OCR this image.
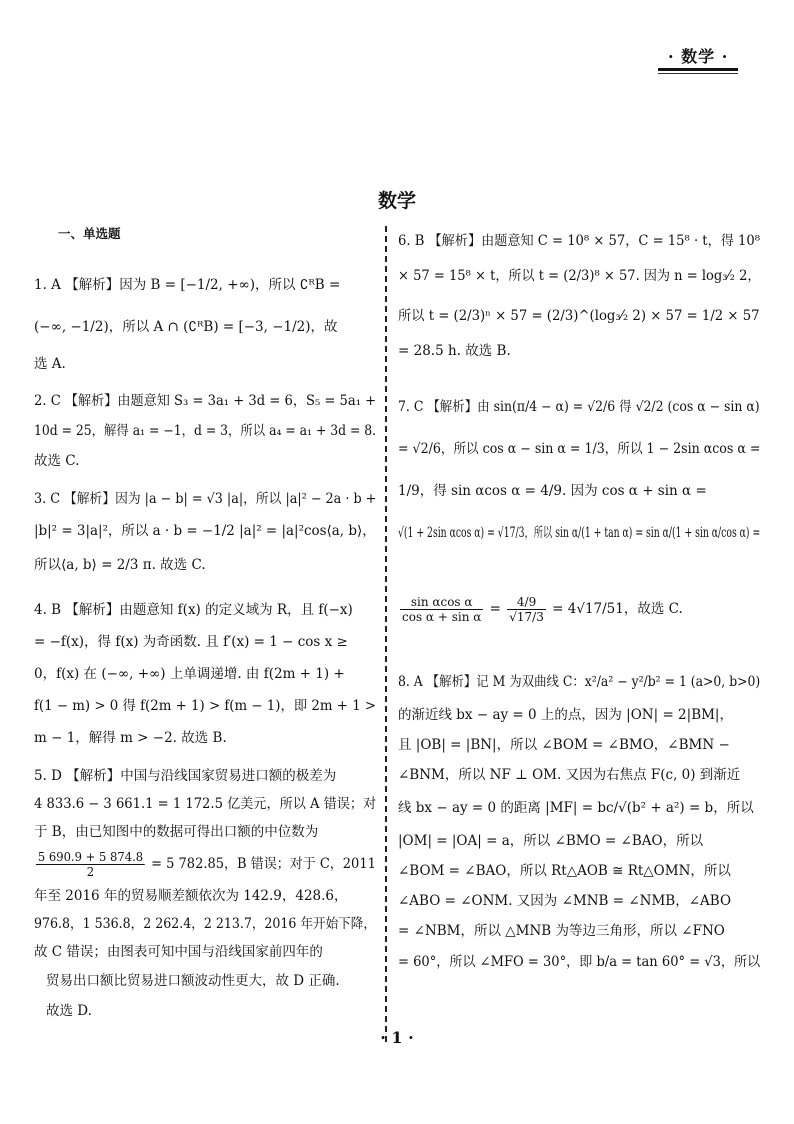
· 数学 ·
数学
一、单选题
1. A 【解析】因为 B = [−1/2, +∞)，所以 ∁ᴿB =
(−∞, −1/2)，所以 A ∩ (∁ᴿB) = [−3, −1/2)，故
选 A.
2. C 【解析】由题意知 S₃ = 3a₁ + 3d = 6，S₅ = 5a₁ +
10d = 25，解得 a₁ = −1，d = 3，所以 a₄ = a₁ + 3d = 8.
故选 C.
3. C 【解析】因为 |a − b| = √3 |a|，所以 |a|² − 2a · b +
|b|² = 3|a|²，所以 a · b = −1/2 |a|² = |a|²cos⟨a, b⟩，
所以⟨a, b⟩ = 2/3 π. 故选 C.
4. B 【解析】由题意知 f(x) 的定义域为 R，且 f(−x)
= −f(x)，得 f(x) 为奇函数. 且 f′(x) = 1 − cos x ≥
0，f(x) 在 (−∞, +∞) 上单调递增. 由 f(2m + 1) +
f(1 − m) > 0 得 f(2m + 1) > f(m − 1)，即 2m + 1 >
m − 1，解得 m > −2. 故选 B.
5. D 【解析】中国与沿线国家贸易进口额的极差为
4 833.6 − 3 661.1 = 1 172.5 亿美元，所以 A 错误；对
于 B，由已知图中的数据可得出口额的中位数为
$\frac{5 690.9 + 5 874.8}{2} = 5$ 782.85，B 错误；对于 C，2011
年至 2016 年的贸易顺差额依次为 142.9，428.6，
976.8，1 536.8，2 262.4，2 213.7，2016 年开始下降，
故 C 错误；由图表可知中国与沿线国家前四年的
贸易出口额比贸易进口额波动性更大，故 D 正确.
故选 D.
6. B 【解析】由题意知 C = 10⁸ × 57，C = 15⁸ · t，得 10⁸
× 57 = 15⁸ × t，所以 t = (2/3)⁸ × 57. 因为 n = log₃⁄₂ 2，
所以 t = (2/3)ⁿ × 57 = (2/3)^(log₃⁄₂ 2) × 57 = 1/2 × 57
= 28.5 h. 故选 B.
7. C 【解析】由 sin(π/4 − α) = √2/6 得 √2/2 (cos α − sin α)
= √2/6，所以 cos α − sin α = 1/3，所以 1 − 2sin αcos α =
1/9，得 sin αcos α = 4/9. 因为 cos α + sin α =
√(1 + 2sin αcos α) = √17/3，所以 sin α/(1 + tan α) = sin α/(1 + sin α/cos α) =
$\frac{\text{sin αcos α}}{\text{cos α + sin α}} = \frac{4/9}{√17/3} = 4√17/51$，故选 C.
8. A 【解析】记 M 为双曲线 C：x²/a² − y²/b² = 1 (a>0, b>0)
的渐近线 bx − ay = 0 上的点，因为 |ON| = 2|BM|，
且 |OB| = |BN|，所以 ∠BOM = ∠BMO，∠BMN −
∠BNM，所以 NF ⊥ OM. 又因为右焦点 F(c, 0) 到渐近
线 bx − ay = 0 的距离 |MF| = bc/√(b² + a²) = b，所以
|OM| = |OA| = a，所以 ∠BMO = ∠BAO，所以
∠BOM = ∠BAO，所以 Rt△AOB ≅ Rt△OMN，所以
∠ABO = ∠ONM. 又因为 ∠MNB = ∠NMB，∠ABO
= ∠NBM，所以 △MNB 为等边三角形，所以 ∠FNO
= 60°，所以 ∠MFO = 30°，即 b/a = tan 60° = √3，所以
· 1 ·
